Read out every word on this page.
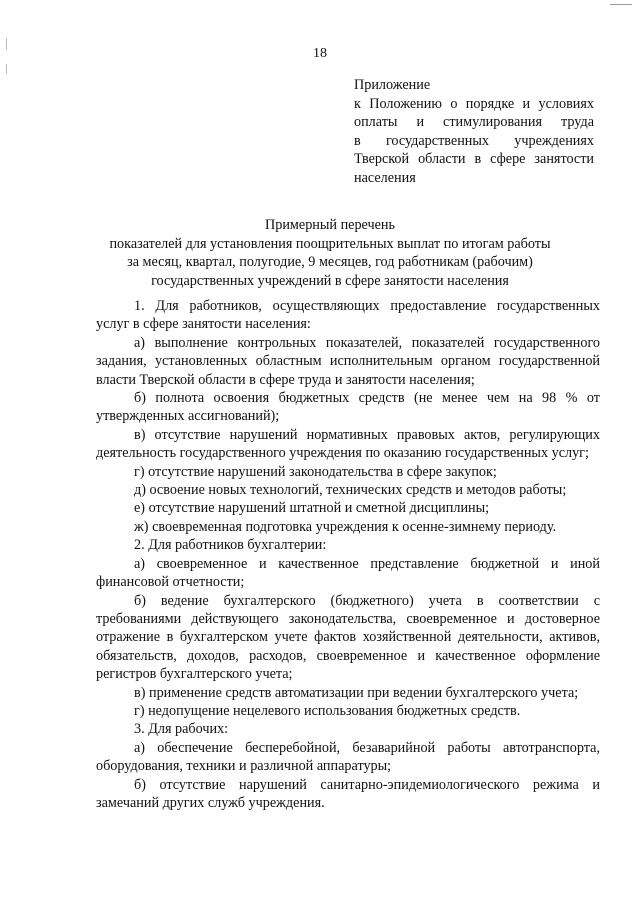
18
Приложение
к Положению о порядке и условиях
оплаты и стимулирования труда
в государственных учреждениях
Тверской области в сфере занятости
населения
Примерный перечень
показателей для установления поощрительных выплат по итогам работы
за месяц, квартал, полугодие, 9 месяцев, год работникам (рабочим)
государственных учреждений в сфере занятости населения

1. Для работников, осуществляющих предоставление государственных услуг в сфере занятости населения:

а) выполнение контрольных показателей, показателей государственного задания, установленных областным исполнительным органом государственной власти Тверской области в сфере труда и занятости населения;

б) полнота освоения бюджетных средств (не менее чем на 98 % от утвержденных ассигнований);

в) отсутствие нарушений нормативных правовых актов, регулирующих деятельность государственного учреждения по оказанию государственных услуг;

г) отсутствие нарушений законодательства в сфере закупок;

д) освоение новых технологий, технических средств и методов работы;

е) отсутствие нарушений штатной и сметной дисциплины;

ж) своевременная подготовка учреждения к осенне-зимнему периоду.

2. Для работников бухгалтерии:

а) своевременное и качественное представление бюджетной и иной финансовой отчетности;

б) ведение бухгалтерского (бюджетного) учета в соответствии с требованиями действующего законодательства, своевременное и достоверное отражение в бухгалтерском учете фактов хозяйственной деятельности, активов, обязательств, доходов, расходов, своевременное и качественное оформление регистров бухгалтерского учета;

в) применение средств автоматизации при ведении бухгалтерского учета;

г) недопущение нецелевого использования бюджетных средств.

3. Для рабочих:

а) обеспечение бесперебойной, безаварийной работы автотранспорта, оборудования, техники и различной аппаратуры;

б) отсутствие нарушений санитарно-эпидемиологического режима и замечаний других служб учреждения.
